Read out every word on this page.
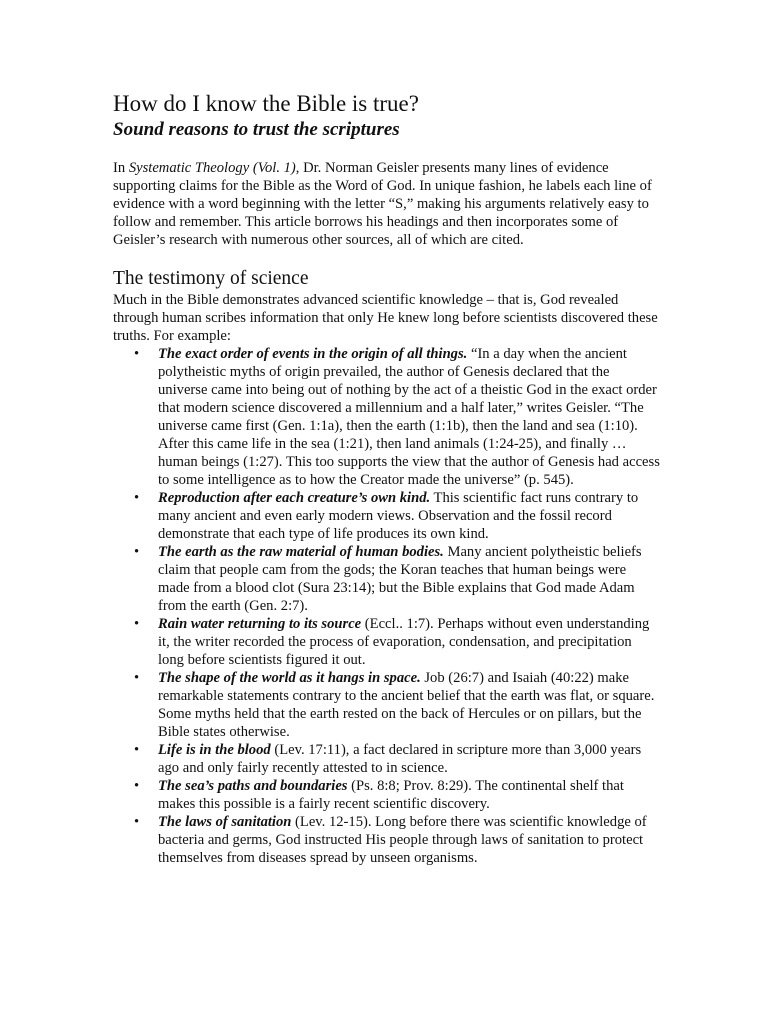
How do I know the Bible is true?
Sound reasons to trust the scriptures

In Systematic Theology (Vol. 1), Dr. Norman Geisler presents many lines of evidence supporting claims for the Bible as the Word of God. In unique fashion, he labels each line of evidence with a word beginning with the letter “S,” making his arguments relatively easy to follow and remember. This article borrows his headings and then incorporates some of Geisler’s research with numerous other sources, all of which are cited.

The testimony of science

Much in the Bible demonstrates advanced scientific knowledge – that is, God revealed through human scribes information that only He knew long before scientists discovered these truths. For example:

• The exact order of events in the origin of all things. “In a day when the ancient polytheistic myths of origin prevailed, the author of Genesis declared that the universe came into being out of nothing by the act of a theistic God in the exact order that modern science discovered a millennium and a half later,” writes Geisler. “The universe came first (Gen. 1:1a), then the earth (1:1b), then the land and sea (1:10). After this came life in the sea (1:21), then land animals (1:24-25), and finally … human beings (1:27). This too supports the view that the author of Genesis had access to some intelligence as to how the Creator made the universe” (p. 545).
• Reproduction after each creature’s own kind. This scientific fact runs contrary to many ancient and even early modern views. Observation and the fossil record demonstrate that each type of life produces its own kind.
• The earth as the raw material of human bodies. Many ancient polytheistic beliefs claim that people cam from the gods; the Koran teaches that human beings were made from a blood clot (Sura 23:14); but the Bible explains that God made Adam from the earth (Gen. 2:7).
• Rain water returning to its source (Eccl.. 1:7). Perhaps without even understanding it, the writer recorded the process of evaporation, condensation, and precipitation long before scientists figured it out.
• The shape of the world as it hangs in space. Job (26:7) and Isaiah (40:22) make remarkable statements contrary to the ancient belief that the earth was flat, or square. Some myths held that the earth rested on the back of Hercules or on pillars, but the Bible states otherwise.
• Life is in the blood (Lev. 17:11), a fact declared in scripture more than 3,000 years ago and only fairly recently attested to in science.
• The sea’s paths and boundaries (Ps. 8:8; Prov. 8:29). The continental shelf that makes this possible is a fairly recent scientific discovery.
• The laws of sanitation (Lev. 12-15). Long before there was scientific knowledge of bacteria and germs, God instructed His people through laws of sanitation to protect themselves from diseases spread by unseen organisms.
